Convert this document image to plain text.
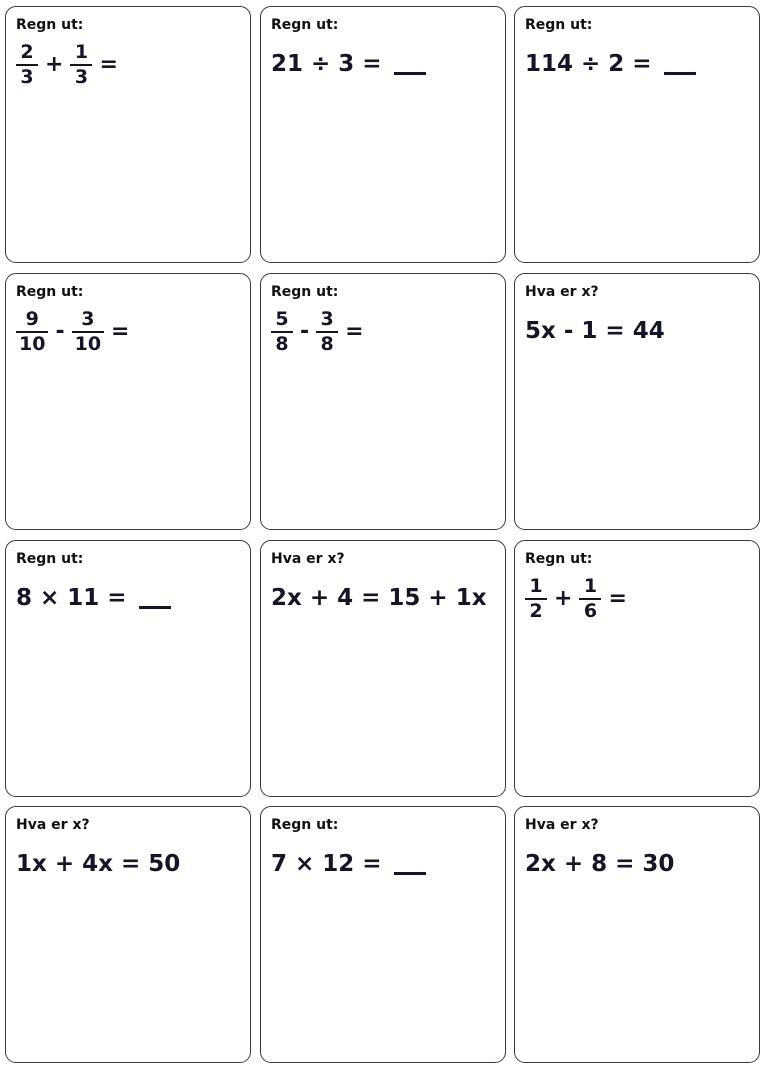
Regn ut:
$\frac{2}{3} + \frac{1}{3}$ =
Regn ut:
21 ÷ 3 =
Regn ut:
114 ÷ 2 =
Regn ut:
$\frac{9}{10} - \frac{3}{10}$ =
Regn ut:
$\frac{5}{8} - \frac{3}{8}$ =
Hva er x?
5x - 1 = 44
Regn ut:
8 × 11 =
Hva er x?
2x + 4 = 15 + 1x
Regn ut:
$\frac{1}{2} + \frac{1}{6}$ =
Hva er x?
1x + 4x = 50
Regn ut:
7 × 12 =
Hva er x?
2x + 8 = 30
